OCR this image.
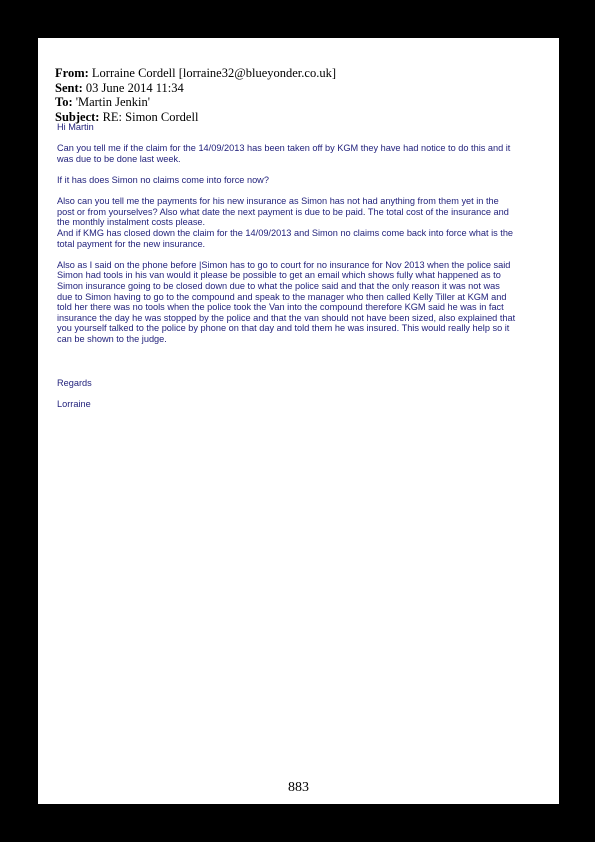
From: Lorraine Cordell [lorraine32@blueyonder.co.uk]
Sent: 03 June 2014 11:34
To: 'Martin Jenkin'
Subject: RE: Simon Cordell

Hi Martin

Can you tell me if the claim for the 14/09/2013 has been taken off by KGM they have had notice to do this and it

was due to be done last week.

If it has does Simon no claims come into force now?

Also can you tell me the payments for his new insurance as Simon has not had anything from them yet in the

post or from yourselves? Also what date the next payment is due to be paid. The total cost of the insurance and

the monthly instalment costs please.

And if KMG has closed down the claim for the 14/09/2013 and Simon no claims come back into force what is the

total payment for the new insurance.

Also as I said on the phone before |Simon has to go to court for no insurance for Nov 2013 when the police said

Simon had tools in his van would it please be possible to get an email which shows fully what happened as to

Simon insurance going to be closed down due to what the police said and that the only reason it was not was

due to Simon having to go to the compound and speak to the manager who then called Kelly Tiller at KGM and

told her there was no tools when the police took the Van into the compound therefore KGM said he was in fact

insurance the day he was stopped by the police and that the van should not have been sized, also explained that

you yourself talked to the police by phone on that day and told them he was insured. This would really help so it

can be shown to the judge.

Regards

Lorraine

883
